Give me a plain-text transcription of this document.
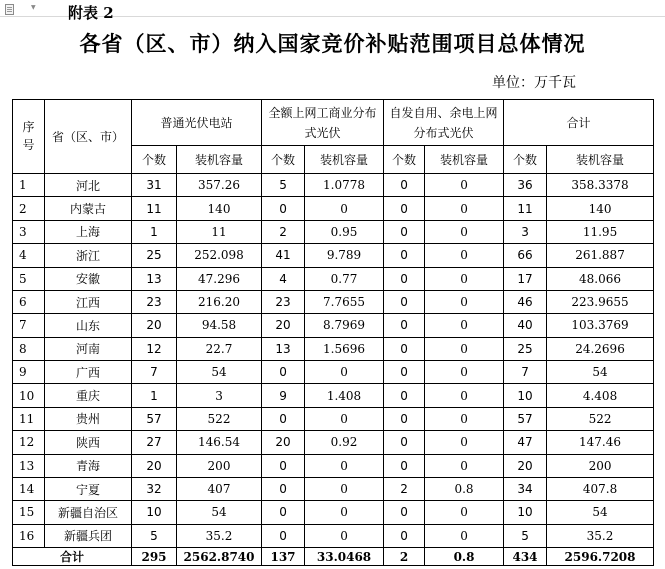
▼ 附表 2
各省（区、市）纳入国家竞价补贴范围项目总体情况
单位：万千瓦
序号	省（区、市）	普通光伏电站		全额上网工商业分布式光伏		自发自用、余电上网分布式光伏		合计	
		个数	装机容量	个数	装机容量	个数	装机容量	个数	装机容量
1	河北	31	357.26	5	1.0778	0	0	36	358.3378
2	内蒙古	11	140	0	0	0	0	11	140
3	上海	1	11	2	0.95	0	0	3	11.95
4	浙江	25	252.098	41	9.789	0	0	66	261.887
5	安徽	13	47.296	4	0.77	0	0	17	48.066
6	江西	23	216.20	23	7.7655	0	0	46	223.9655
7	山东	20	94.58	20	8.7969	0	0	40	103.3769
8	河南	12	22.7	13	1.5696	0	0	25	24.2696
9	广西	7	54	0	0	0	0	7	54
10	重庆	1	3	9	1.408	0	0	10	4.408
11	贵州	57	522	0	0	0	0	57	522
12	陕西	27	146.54	20	0.92	0	0	47	147.46
13	青海	20	200	0	0	0	0	20	200
14	宁夏	32	407	0	0	2	0.8	34	407.8
15	新疆自治区	10	54	0	0	0	0	10	54
16	新疆兵团	5	35.2	0	0	0	0	5	35.2
合计		295	2562.8740	137	33.0468	2	0.8	434	2596.7208
